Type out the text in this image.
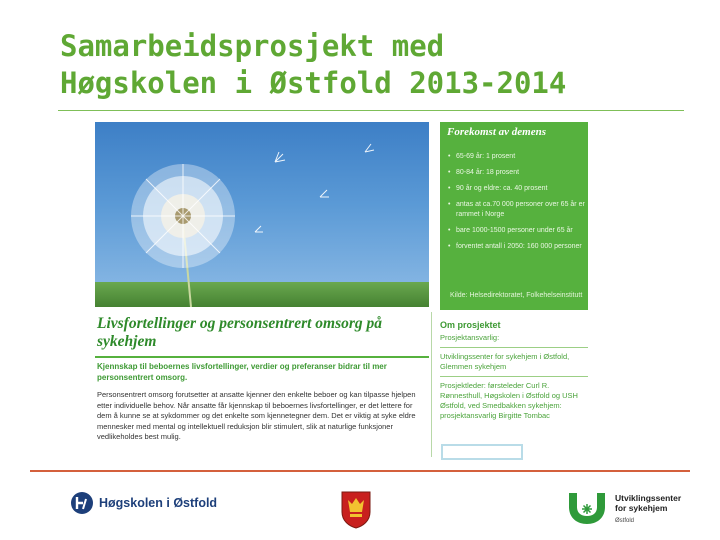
Samarbeidsprosjekt med
Høgskolen i Østfold 2013-2014
Forekomst av demens
• 65-69 år: 1 prosent
• 80-84 år: 18 prosent
• 90 år og eldre: ca. 40 prosent
• antas at ca.70 000 personer over 65 år er rammet i Norge
• bare 1000-1500 personer under 65 år
• forventet antall i 2050: 160 000 personer
Kilde: Helsedirektoratet, Folkehelseinstitutt
Livsfortellinger og personsentrert omsorg på sykehjem
Kjennskap til beboernes livsfortellinger, verdier og preferanser bidrar til mer personsentrert omsorg.
Personsentrert omsorg forutsetter at ansatte kjenner den enkelte beboer og kan tilpasse hjelpen etter individuelle behov. Når ansatte får kjennskap til beboernes livsfortellinger, er det lettere for dem å kunne se at sykdommer og det enkelte som kjennetegner dem. Det er viktig at syke eldre mennesker med mental og intellektuell reduksjon blir stimulert, slik at naturlige funksjoner vedlikeholdes best mulig.
Om prosjektet

Prosjektansvarlig:

Utviklingssenter for sykehjem i Østfold, Glemmen sykehjem

Prosjektleder: førsteleder Curl R. Rønnesthull, Høgskolen i Østfold og USH Østfold, ved Smedbakken sykehjem: prosjektansvarlig Birgitte Tombac

Høgskolen i Østfold	Utviklingssenter
for sykehjem
Østfold
